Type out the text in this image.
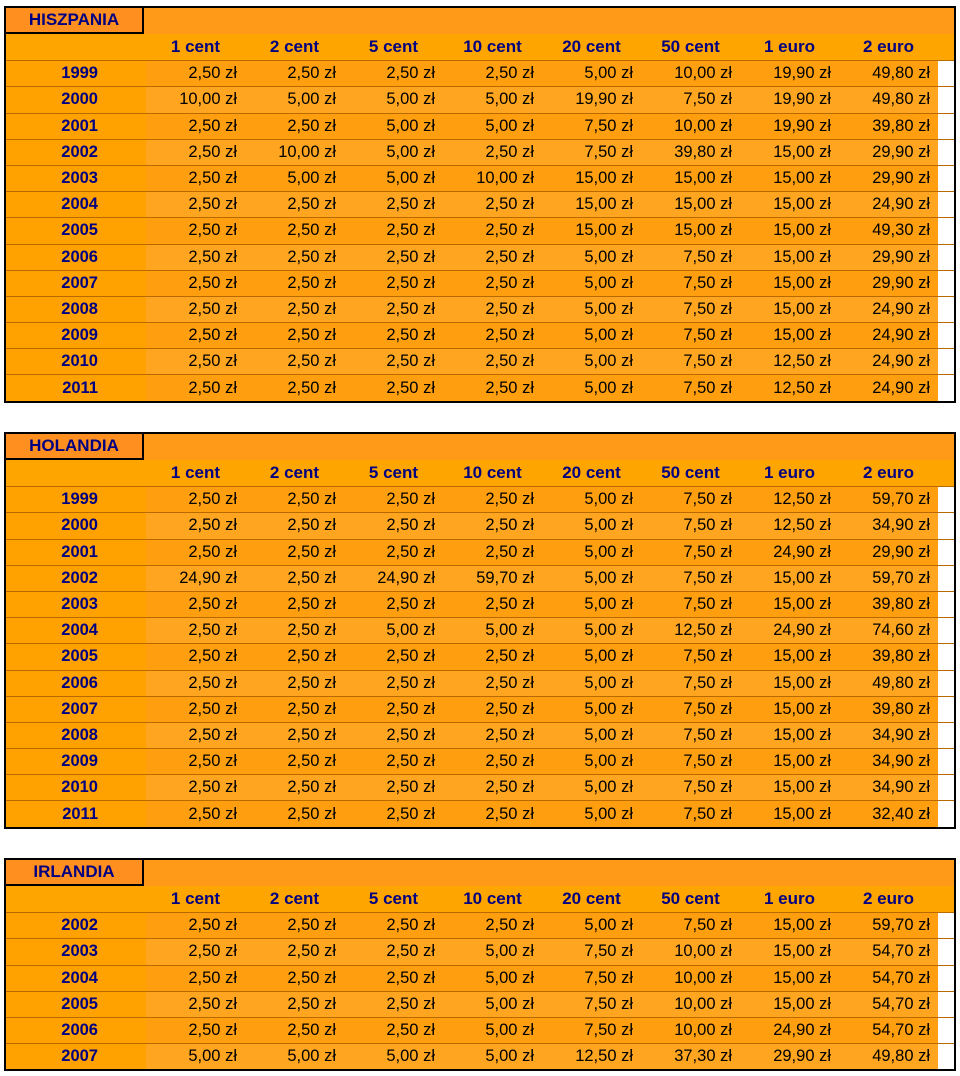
HISZPANIA
1 cent	2 cent	5 cent	10 cent	20 cent	50 cent	1 euro	2 euro
1999	2,50 zł	2,50 zł	2,50 zł	2,50 zł	5,00 zł	10,00 zł	19,90 zł	49,80 zł
2000	10,00 zł	5,00 zł	5,00 zł	5,00 zł	19,90 zł	7,50 zł	19,90 zł	49,80 zł
2001	2,50 zł	2,50 zł	5,00 zł	5,00 zł	7,50 zł	10,00 zł	19,90 zł	39,80 zł
2002	2,50 zł	10,00 zł	5,00 zł	2,50 zł	7,50 zł	39,80 zł	15,00 zł	29,90 zł
2003	2,50 zł	5,00 zł	5,00 zł	10,00 zł	15,00 zł	15,00 zł	15,00 zł	29,90 zł
2004	2,50 zł	2,50 zł	2,50 zł	2,50 zł	15,00 zł	15,00 zł	15,00 zł	24,90 zł
2005	2,50 zł	2,50 zł	2,50 zł	2,50 zł	15,00 zł	15,00 zł	15,00 zł	49,30 zł
2006	2,50 zł	2,50 zł	2,50 zł	2,50 zł	5,00 zł	7,50 zł	15,00 zł	29,90 zł
2007	2,50 zł	2,50 zł	2,50 zł	2,50 zł	5,00 zł	7,50 zł	15,00 zł	29,90 zł
2008	2,50 zł	2,50 zł	2,50 zł	2,50 zł	5,00 zł	7,50 zł	15,00 zł	24,90 zł
2009	2,50 zł	2,50 zł	2,50 zł	2,50 zł	5,00 zł	7,50 zł	15,00 zł	24,90 zł
2010	2,50 zł	2,50 zł	2,50 zł	2,50 zł	5,00 zł	7,50 zł	12,50 zł	24,90 zł
2011	2,50 zł	2,50 zł	2,50 zł	2,50 zł	5,00 zł	7,50 zł	12,50 zł	24,90 zł
HOLANDIA
1 cent	2 cent	5 cent	10 cent	20 cent	50 cent	1 euro	2 euro
1999	2,50 zł	2,50 zł	2,50 zł	2,50 zł	5,00 zł	7,50 zł	12,50 zł	59,70 zł
2000	2,50 zł	2,50 zł	2,50 zł	2,50 zł	5,00 zł	7,50 zł	12,50 zł	34,90 zł
2001	2,50 zł	2,50 zł	2,50 zł	2,50 zł	5,00 zł	7,50 zł	24,90 zł	29,90 zł
2002	24,90 zł	2,50 zł	24,90 zł	59,70 zł	5,00 zł	7,50 zł	15,00 zł	59,70 zł
2003	2,50 zł	2,50 zł	2,50 zł	2,50 zł	5,00 zł	7,50 zł	15,00 zł	39,80 zł
2004	2,50 zł	2,50 zł	5,00 zł	5,00 zł	5,00 zł	12,50 zł	24,90 zł	74,60 zł
2005	2,50 zł	2,50 zł	2,50 zł	2,50 zł	5,00 zł	7,50 zł	15,00 zł	39,80 zł
2006	2,50 zł	2,50 zł	2,50 zł	2,50 zł	5,00 zł	7,50 zł	15,00 zł	49,80 zł
2007	2,50 zł	2,50 zł	2,50 zł	2,50 zł	5,00 zł	7,50 zł	15,00 zł	39,80 zł
2008	2,50 zł	2,50 zł	2,50 zł	2,50 zł	5,00 zł	7,50 zł	15,00 zł	34,90 zł
2009	2,50 zł	2,50 zł	2,50 zł	2,50 zł	5,00 zł	7,50 zł	15,00 zł	34,90 zł
2010	2,50 zł	2,50 zł	2,50 zł	2,50 zł	5,00 zł	7,50 zł	15,00 zł	34,90 zł
2011	2,50 zł	2,50 zł	2,50 zł	2,50 zł	5,00 zł	7,50 zł	15,00 zł	32,40 zł
IRLANDIA
1 cent	2 cent	5 cent	10 cent	20 cent	50 cent	1 euro	2 euro
2002	2,50 zł	2,50 zł	2,50 zł	2,50 zł	5,00 zł	7,50 zł	15,00 zł	59,70 zł
2003	2,50 zł	2,50 zł	2,50 zł	5,00 zł	7,50 zł	10,00 zł	15,00 zł	54,70 zł
2004	2,50 zł	2,50 zł	2,50 zł	5,00 zł	7,50 zł	10,00 zł	15,00 zł	54,70 zł
2005	2,50 zł	2,50 zł	2,50 zł	5,00 zł	7,50 zł	10,00 zł	15,00 zł	54,70 zł
2006	2,50 zł	2,50 zł	2,50 zł	5,00 zł	7,50 zł	10,00 zł	24,90 zł	54,70 zł
2007	5,00 zł	5,00 zł	5,00 zł	5,00 zł	12,50 zł	37,30 zł	29,90 zł	49,80 zł
